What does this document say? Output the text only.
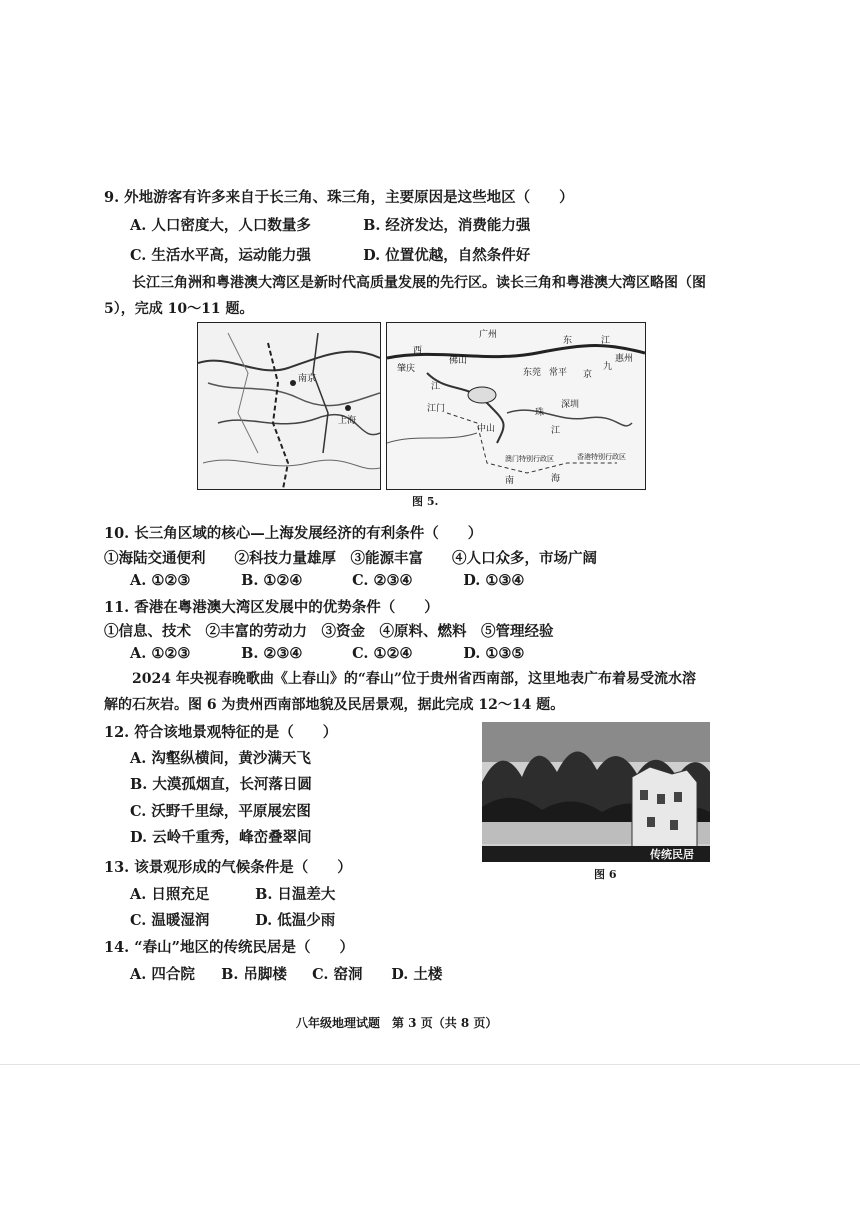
9. 外地游客有许多来自于长三角、珠三角，主要原因是这些地区（　　）
A. 人口密度大，人口数量多	B. 经济发达，消费能力强
C. 生活水平高，运动能力强	D. 位置优越，自然条件好
长江三角洲和粤港澳大湾区是新时代高质量发展的先行区。读长三角和粤港澳大湾区略图（图
5），完成 10～11 题。
南京
上海
广州
东	江
惠州
佛山
肇庆
西
东莞 常平 京
九
江
江门	深圳
中山
珠
江
澳门特别行政区	香港特别行政区
南	海
图 5.
10. 长三角区域的核心—上海发展经济的有利条件（　　）
①海陆交通便利　　②科技力量雄厚　③能源丰富　　④人口众多，市场广阔
A. ①②③	B. ①②④	C. ②③④	D. ①③④
11. 香港在粤港澳大湾区发展中的优势条件（　　）
①信息、技术　②丰富的劳动力　③资金　④原料、燃料　⑤管理经验
A. ①②③	B. ②③④	C. ①②④	D. ①③⑤
2024 年央视春晚歌曲《上春山》的“春山”位于贵州省西南部，这里地表广布着易受流水溶
解的石灰岩。图 6 为贵州西南部地貌及民居景观，据此完成 12～14 题。
12. 符合该地景观特征的是（　　）
A. 沟壑纵横间，黄沙满天飞
B. 大漠孤烟直，长河落日圆
C. 沃野千里绿，平原展宏图
D. 云岭千重秀，峰峦叠翠间
传统民居
图 6
13. 该景观形成的气候条件是（　　）
A. 日照充足	B. 日温差大
C. 温暖湿润	D. 低温少雨
14. “春山”地区的传统民居是（　　）
A. 四合院 B. 吊脚楼 C. 窑洞 D. 土楼
八年级地理试题　第 3 页（共 8 页）
